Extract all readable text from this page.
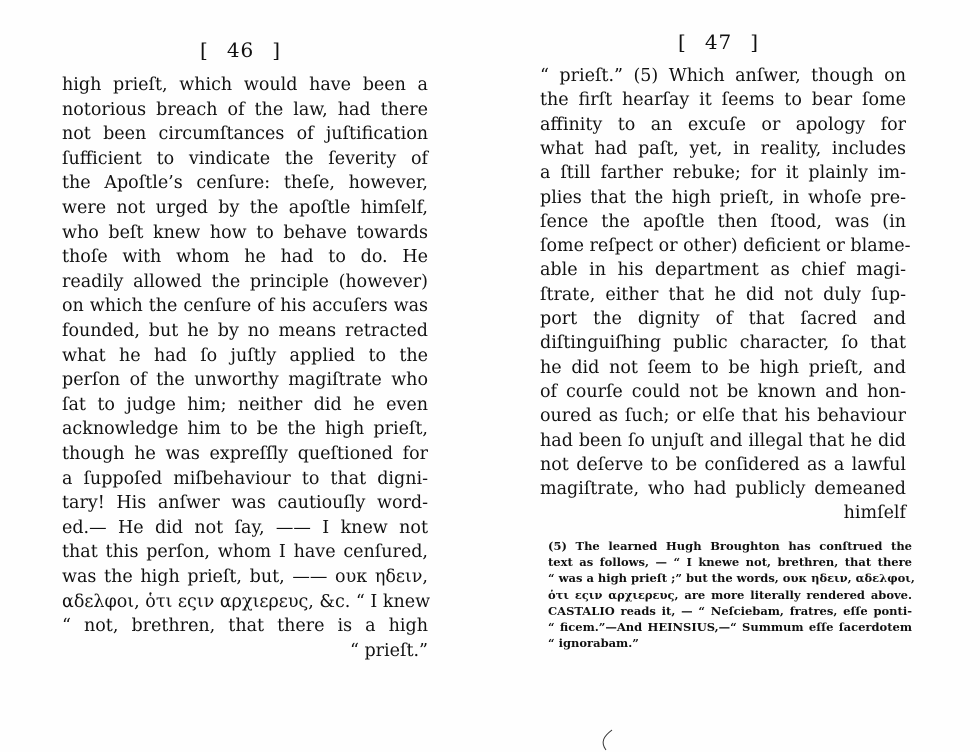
[ 46 ]
high prieſt, which would have been a
notorious breach of the law, had there
not been circumſtances of juſtification
ſufficient to vindicate the ſeverity of
the Apoſtle’s cenſure: theſe, however,
were not urged by the apoſtle himſelf,
who beſt knew how to behave towards
thoſe with whom he had to do. He
readily allowed the principle (however)
on which the cenſure of his accuſers was
founded, but he by no means retracted
what he had ſo juſtly applied to the
perſon of the unworthy magiſtrate who
ſat to judge him; neither did he even
acknowledge him to be the high prieſt,
though he was expreſſly queſtioned for
a ſuppoſed miſbehaviour to that digni-
tary! His anſwer was cautiouſly word-
ed.— He did not ſay, —— I knew not
that this perſon, whom I have cenſured,
was the high prieſt, but, —— ουκ ηδειν,
αδελφοι, ὁτι εςιν αρχιερευς, &c. “ I knew
“ not, brethren, that there is a high
“ prieſt.”
[ 47 ]
“ prieſt.” (5) Which anſwer, though on
the firſt hearſay it ſeems to bear ſome
affinity to an excuſe or apology for
what had paſt, yet, in reality, includes
a ſtill farther rebuke; for it plainly im-
plies that the high prieſt, in whoſe pre-
ſence the apoſtle then ſtood, was (in
ſome reſpect or other) deficient or blame-
able in his department as chief magi-
ſtrate, either that he did not duly ſup-
port the dignity of that ſacred and
diſtinguiſhing public character, ſo that
he did not ſeem to be high prieſt, and
of courſe could not be known and hon-
oured as ſuch; or elſe that his behaviour
had been ſo unjuſt and illegal that he did
not deſerve to be conſidered as a lawful
magiſtrate, who had publicly demeaned
himſelf
(5) The learned Hugh Broughton has conſtrued the
text as follows, — “ I knewe not, brethren, that there
“ was a high prieſt ;” but the words, ουκ ηδειν, αδελφοι,
ὁτι εςιν αρχιερευς, are more literally rendered above.
CASTALIO reads it, — “ Neſciebam, fratres, eſſe ponti-
“ ficem.”—And HEINSIUS,—“ Summum eſſe ſacerdotem
“ ignorabam.”
